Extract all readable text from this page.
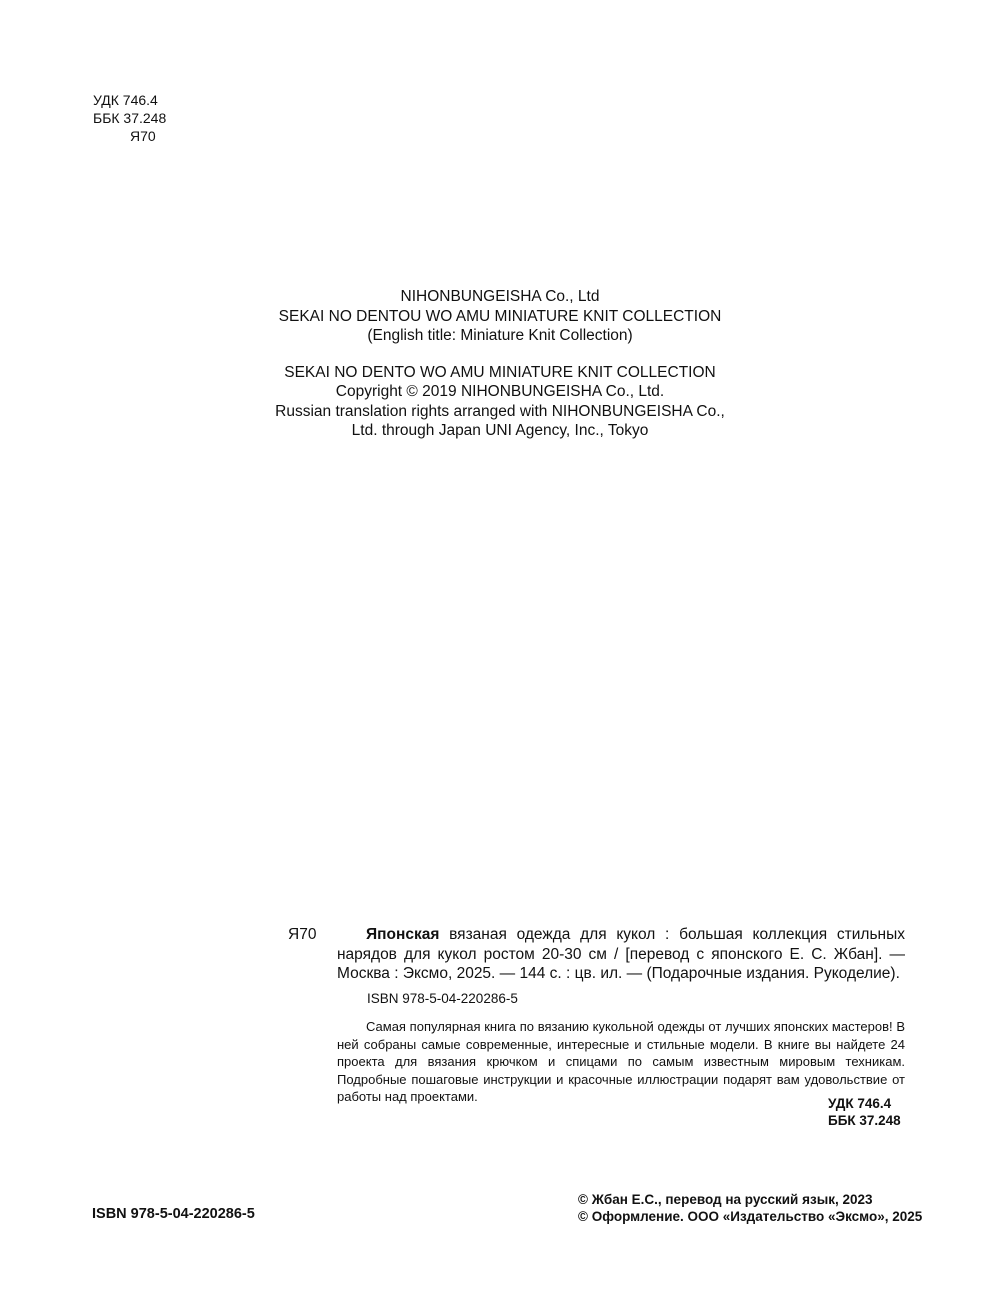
УДК 746.4
ББК 37.248
Я70
NIHONBUNGEISHA Co., Ltd
SEKAI NO DENTOU WO AMU MINIATURE KNIT COLLECTION
(English title: Miniature Knit Collection)
SEKAI NO DENTO WO AMU MINIATURE KNIT COLLECTION
Copyright © 2019 NIHONBUNGEISHA Co., Ltd.
Russian translation rights arranged with NIHONBUNGEISHA Co.,
Ltd. through Japan UNI Agency, Inc., Tokyo
Я70	Японская вязаная одежда для кукол : большая коллекция стильных нарядов для кукол ростом 20-30 см / [перевод с японского Е. С. Жбан]. — Москва : Эксмо, 2025. — 144 с. : цв. ил. — (Подарочные издания. Рукоделие).
ISBN 978-5-04-220286-5
Самая популярная книга по вязанию кукольной одежды от лучших японских мастеров! В ней собраны самые современные, интересные и стильные модели. В книге вы найдете 24 проекта для вязания крючком и спицами по самым известным мировым техникам. Подробные пошаговые инструкции и красочные иллюстрации подарят вам удовольствие от работы над проектами.	УДК 746.4
ББК 37.248
ISBN 978-5-04-220286-5
© Жбан Е.С., перевод на русский язык, 2023
© Оформление. ООО «Издательство «Эксмо», 2025
